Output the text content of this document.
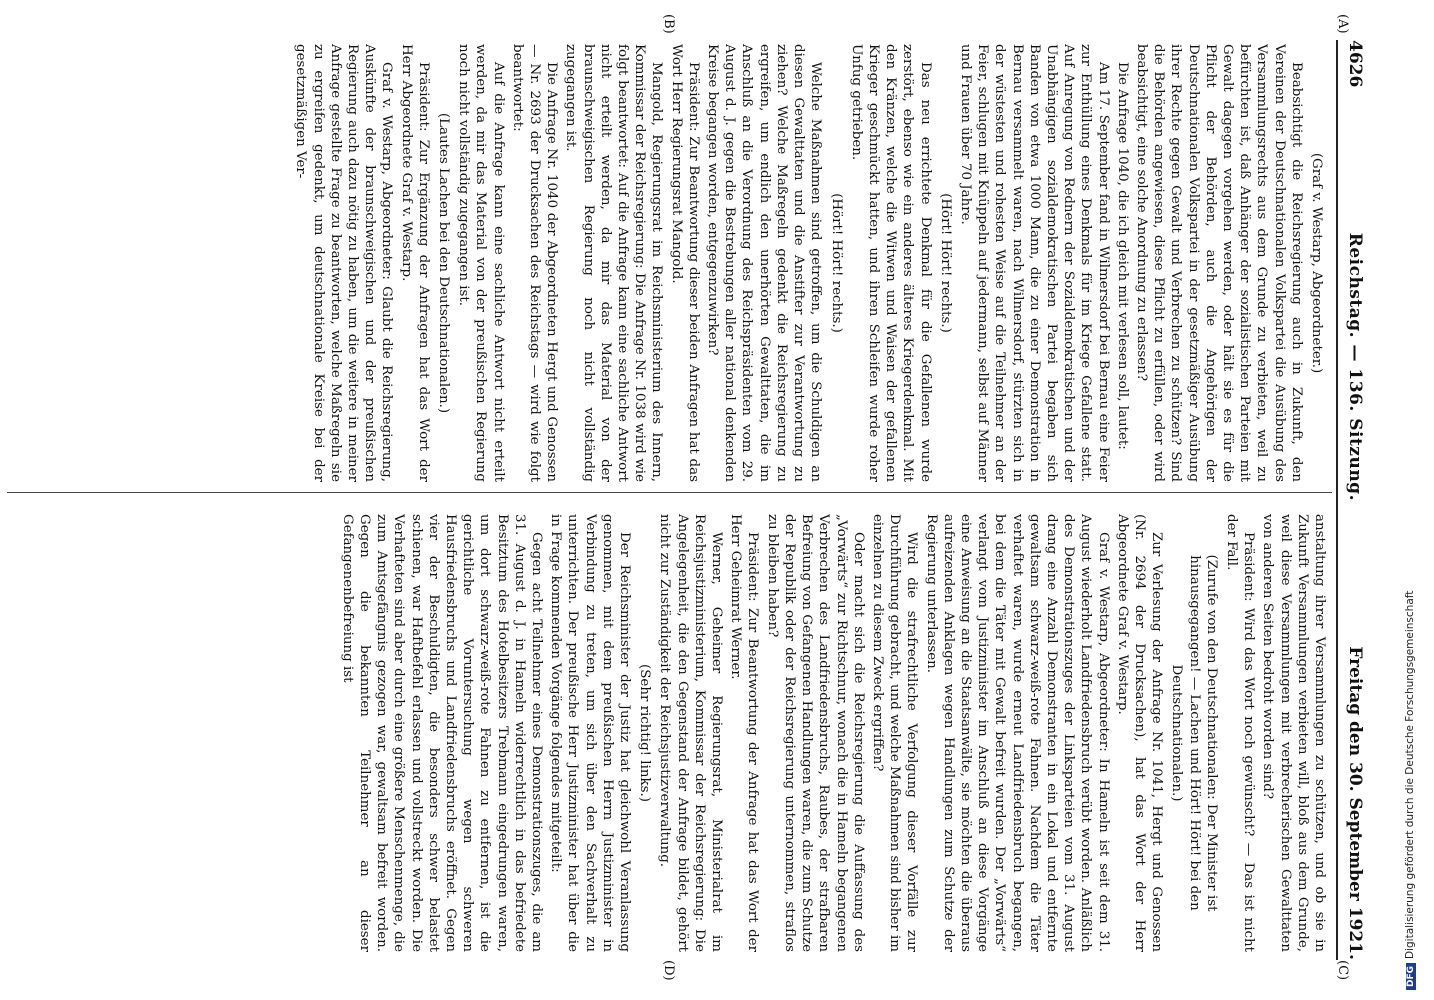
4626
Reichstag. — 136. Sitzung.
Freitag den 30. September 1921.
(A)
(B)
(C)
(D)

(Graf v. Westarp, Abgeordneter.)

Beabsichtigt die Reichsregierung auch in Zukunft, den Vereinen der Deutschnationalen Volkspartei die Ausübung des Versammlungsrechts aus dem Grunde zu verbieten, weil zu befürchten ist, daß Anhänger der sozialistischen Parteien mit Gewalt dagegen vorgehen werden, oder hält sie es für die Pflicht der Behörden, auch die Angehörigen der Deutschnationalen Volkspartei in der gesetzmäßiger Ausübung ihrer Rechte gegen Gewalt und Verbrechen zu schützen? Sind die Behörden angewiesen, diese Pflicht zu erfüllen, oder wird beabsichtigt, eine solche Anordnung zu erlassen?

Die Anfrage 1040, die ich gleich mit verlesen soll, lautet:

Am 17. September fand in Wilmersdorf bei Bernau eine Feier zur Enthüllung eines Denkmals für im Kriege Gefallene statt. Auf Anregung von Rednern der Sozialdemokratischen und der Unabhängigen sozialdemokratischen Partei begaben sich Banden von etwa 1000 Mann, die zu einer Demonstration in Bernau versammelt waren, nach Wilmersdorf, stürzten sich in der wüstesten und rohesten Weise auf die Teilnehmer an der Feier, schlugen mit Knüppeln auf jedermann, selbst auf Männer und Frauen über 70 Jahre.

(Hört! Hört! rechts.)

Das neu errichtete Denkmal für die Gefallenen wurde zerstört, ebenso wie ein anderes älteres Kriegerdenkmal. Mit den Kränzen, welche die Witwen und Waisen der gefallenen Krieger geschmückt hatten, und ihren Schleifen wurde roher Unfug getrieben.

(Hört! Hört! rechts.)

Welche Maßnahmen sind getroffen, um die Schuldigen an diesen Gewalttaten und die Anstifter zur Verantwortung zu ziehen? Welche Maßregeln gedenkt die Reichsregierung zu ergreifen, um endlich den unerhörten Gewalttaten, die im Anschluß an die Verordnung des Reichspräsidenten vom 29. August d. J. gegen die Bestrebungen aller national denkenden Kreise begangen worden, entgegenzuwirken?

Präsident: Zur Beantwortung dieser beiden Anfragen hat das Wort Herr Regierungsrat Mangold.

Mangold, Regierungsrat im Reichsministerium des Innern, Kommissar der Reichsregierung: Die Anfrage Nr. 1038 wird wie folgt beantwortet: Auf die Anfrage kann eine sachliche Antwort nicht erteilt werden, da mir das Material von der braunschweigischen Regierung noch nicht vollständig zugegangen ist.

Die Anfrage Nr. 1040 der Abgeordneten Hergt und Genossen — Nr. 2693 der Drucksachen des Reichstags — wird wie folgt beantwortet:

Auf die Anfrage kann eine sachliche Antwort nicht erteilt werden, da mir das Material von der preußischen Regierung noch nicht vollständig zugegangen ist.

(Lautes Lachen bei den Deutschnationalen.)

Präsident: Zur Ergänzung der Anfragen hat das Wort der Herr Abgeordnete Graf v. Westarp.

Graf v. Westarp, Abgeordneter: Glaubt die Reichsregierung, Auskünfte der braunschweigischen und der preußischen Regierung auch dazu nötig zu haben, um die weitere in meiner Anfrage gestellte Frage zu beantworten, welche Maßregeln sie zu ergreifen gedenkt, um deutschnationale Kreise bei der gesetzmäßigen Ver-

anstaltung ihrer Versammlungen zu schützen, und ob sie in Zukunft Versammlungen verbieten will, bloß aus dem Grunde, weil diese Versammlungen mit verbrecherischen Gewalttaten von anderen Seiten bedroht worden sind?

Präsident: Wird das Wort noch gewünscht? — Das ist nicht der Fall.

(Zurufe von den Deutschnationalen: Der Minister ist hinausgegangen! — Lachen und Hört! Hört! bei den Deutschnationalen.)

Zur Verlesung der Anfrage Nr. 1041, Hergt und Genossen (Nr. 2694 der Drucksachen), hat das Wort der Herr Abgeordnete Graf v. Westarp.

Graf v. Westarp, Abgeordneter: In Hameln ist seit dem 31. August wiederholt Landfriedensbruch verübt worden. Anläßlich des Demonstrationszuges der Linksparteien vom 31. August drang eine Anzahl Demonstranten in ein Lokal und entfernte gewaltsam schwarz-weiß-rote Fahnen. Nachdem die Täter verhaftet waren, wurde erneut Landfriedensbruch begangen, bei dem die Täter mit Gewalt befreit wurden. Der „Vorwärts“ verlangt vom Justizminister im Anschluß an diese Vorgänge eine Anweisung an die Staatsanwälte, sie möchten die überaus aufreizenden Anklagen wegen Handlungen zum Schutze der Regierung unterlassen.

Wird die strafrechtliche Verfolgung dieser Vorfälle zur Durchführung gebracht, und welche Maßnahmen sind bisher im einzelnen zu diesem Zweck ergriffen?

Oder macht sich die Reichsregierung die Auffassung des „Vorwärts“ zur Richtschnur, wonach die in Hameln begangenen Verbrechen des Landfriedensbruchs, Raubes, der strafbaren Befreiung von Gefangenen Handlungen waren, die zum Schutze der Republik oder der Reichsregierung unternommen, straflos zu bleiben haben?

Präsident: Zur Beantwortung der Anfrage hat das Wort der Herr Geheimrat Werner.

Werner, Geheimer Regierungsrat, Ministerialrat im Reichsjustizministerium, Kommissar der Reichsregierung: Die Angelegenheit, die den Gegenstand der Anfrage bildet, gehört nicht zur Zuständigkeit der Reichsjustizverwaltung.

(Sehr richtig! links.)

Der Reichsminister der Justiz hat gleichwohl Veranlassung genommen, mit dem preußischen Herrn Justizminister in Verbindung zu treten, um sich über den Sachverhalt zu unterrichten. Der preußische Herr Justizminister hat über die in Frage kommenden Vorgänge folgendes mitgeteilt:

Gegen acht Teilnehmer eines Demonstrationszuges, die am 31. August d. J. in Hameln widerrechtlich in das befriedete Besitztum des Hotelbesitzers Trebmann eingedrungen waren, um dort schwarz-weiß-rote Fahnen zu entfernen, ist die gerichtliche Voruntersuchung wegen schweren Hausfriedensbruchs und Landfriedensbruchs eröffnet. Gegen vier der Beschuldigten, die besonders schwer belastet schienen, war Haftbefehl erlassen und vollstreckt worden. Die Verhafteten sind aber durch eine größere Menschenmenge, die zum Amtsgefängnis gezogen war, gewaltsam befreit worden. Gegen die bekannten Teilnehmer an dieser Gefangenenbefreiung ist

DFGDigitalisierung gefördert durch die Deutsche Forschungsgemeinschaft
